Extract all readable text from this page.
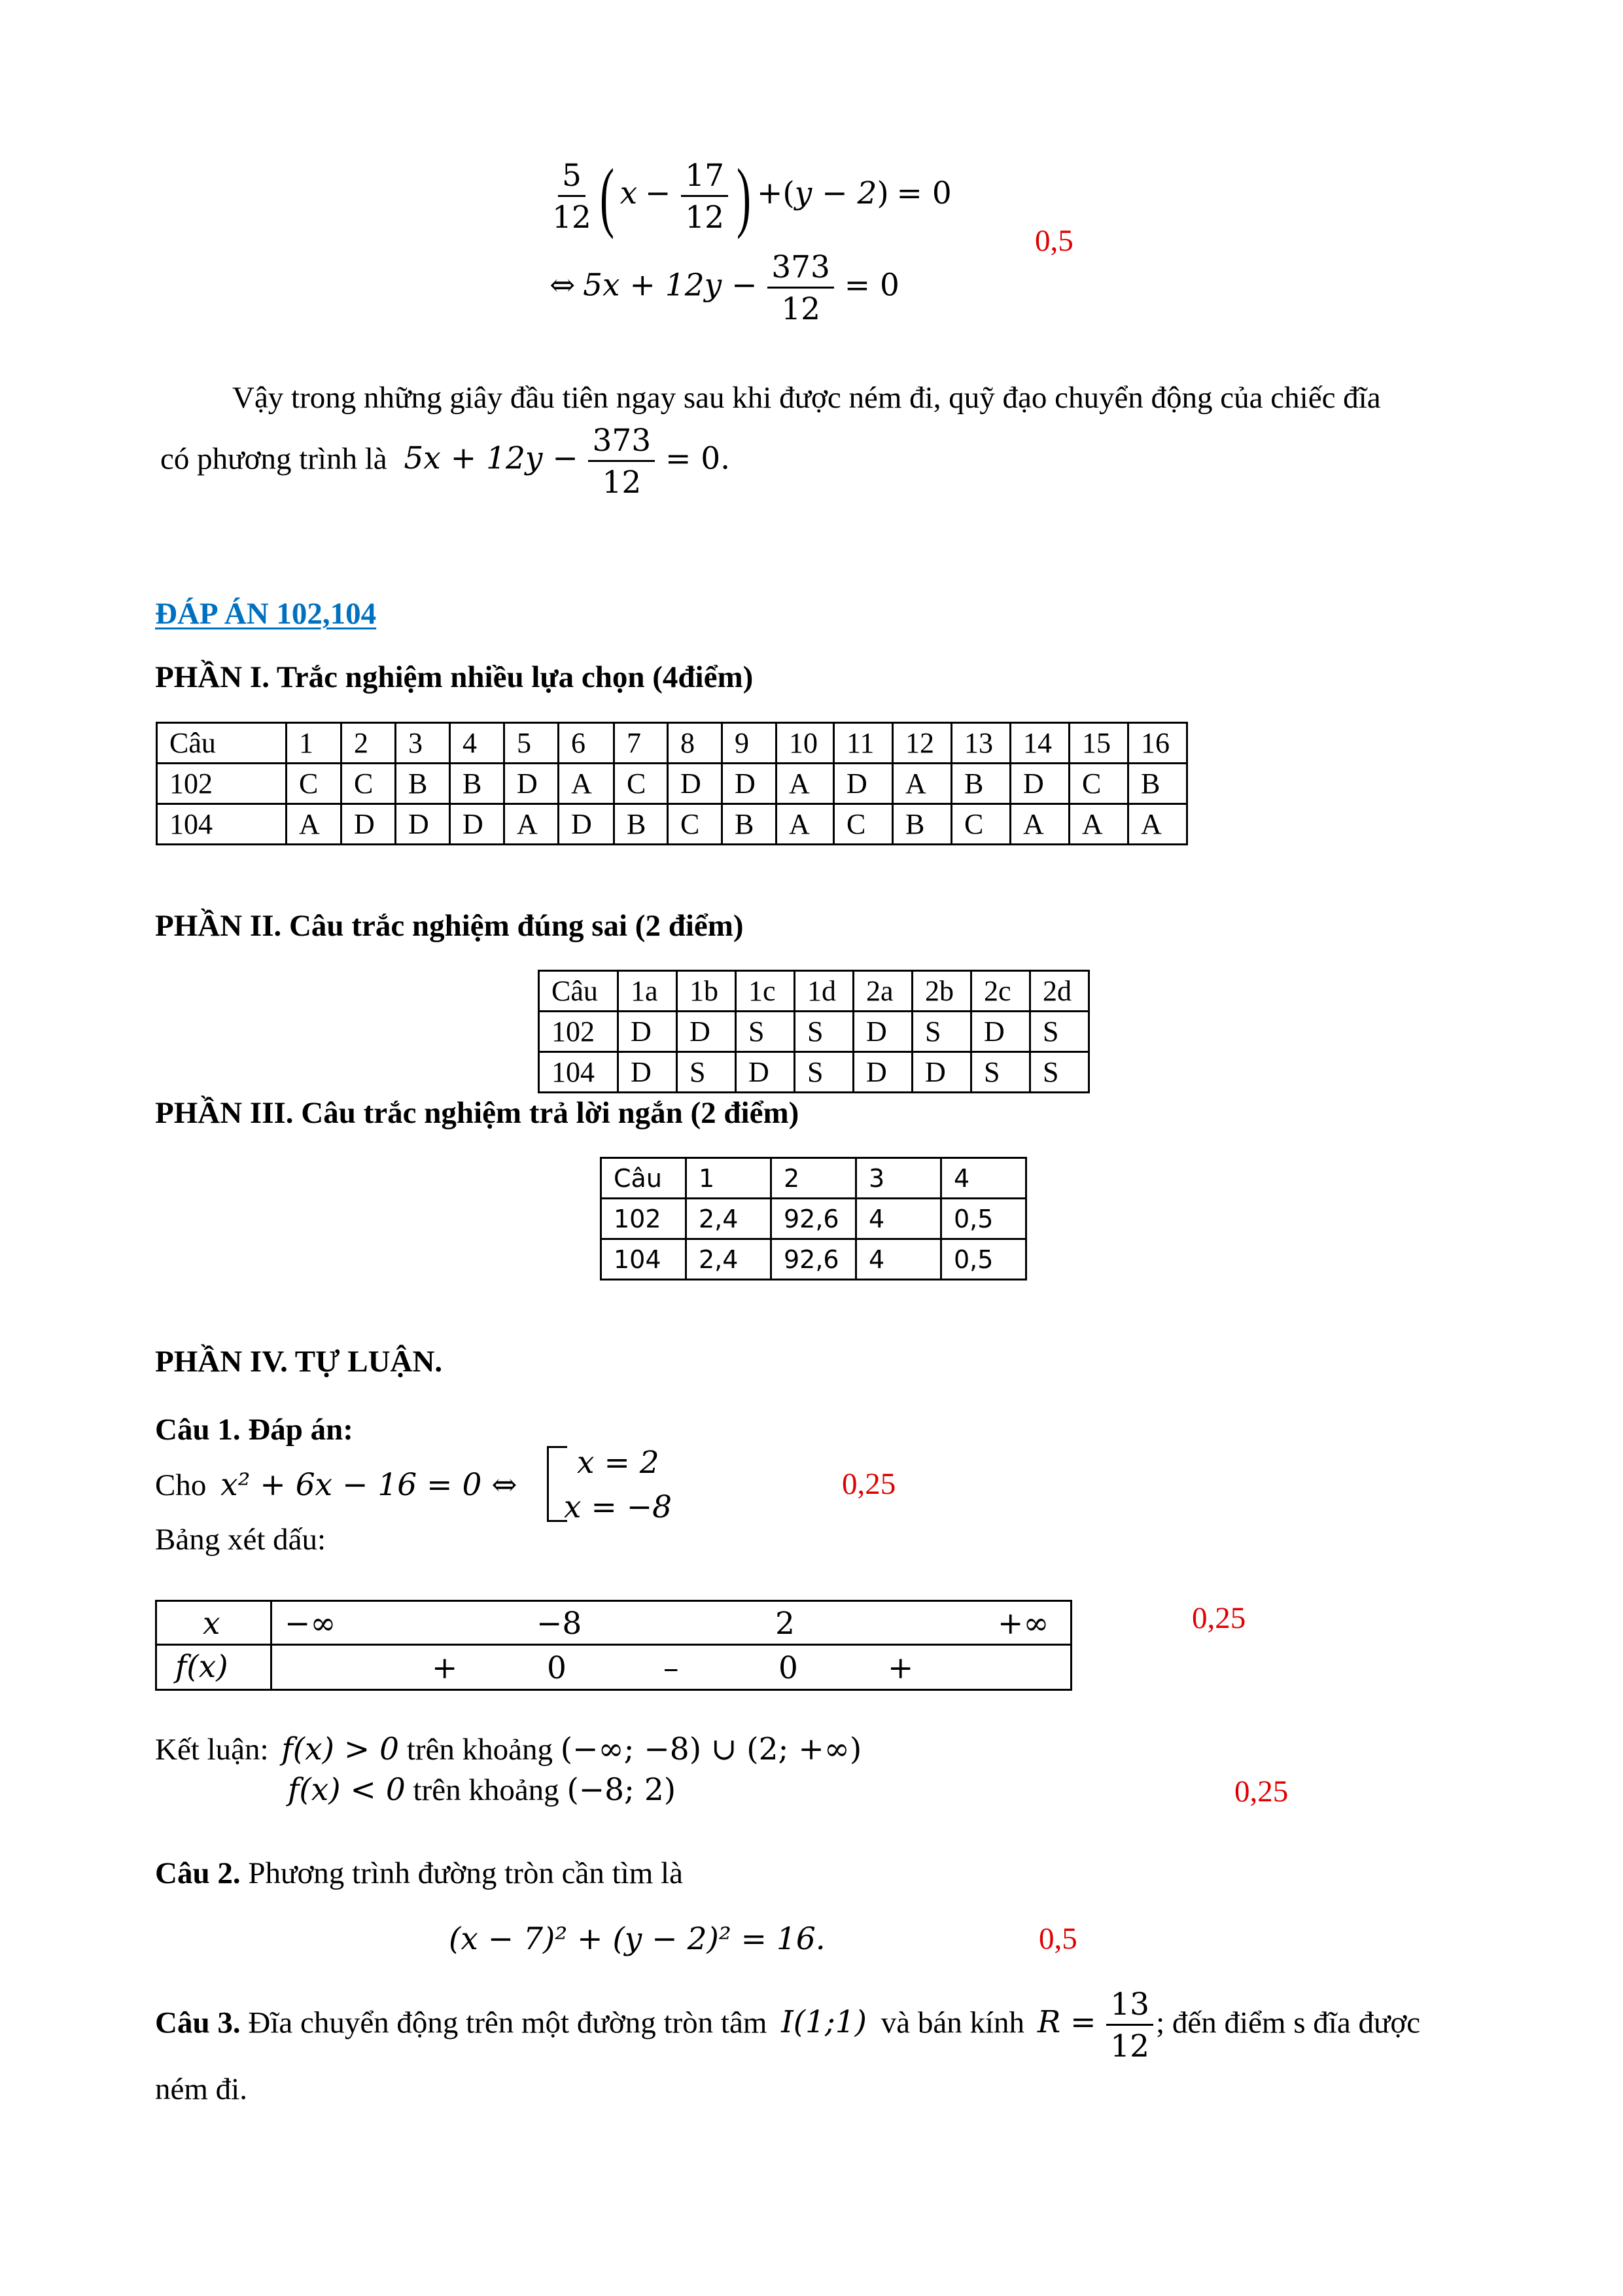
$\frac{5}{12}$ ( $x - \frac{17}{12}$ ) +(y − 2) = 0
⇔ $5x + 12y - \frac{373}{12} = 0$
0,5
Vậy trong những giây đầu tiên ngay sau khi được ném đi, quỹ đạo chuyển động của chiếc đĩa
có phương trình là $5x + 12y - \frac{373}{12} = 0$.
ĐÁP ÁN 102,104
PHẦN I. Trắc nghiệm nhiều lựa chọn (4điểm)
Câu	1	2	3	4	5	6	7	8	9	10	11	12	13	14	15	16
102	C	C	B	B	D	A	C	D	D	A	D	A	B	D	C	B
104	A	D	D	D	A	D	B	C	B	A	C	B	C	A	A	A
PHẦN II. Câu trắc nghiệm đúng sai (2 điểm)
Câu	1a	1b	1c	1d	2a	2b	2c	2d
102	D	D	S	S	D	S	D	S
104	D	S	D	S	D	D	S	S
PHẦN III. Câu trắc nghiệm trả lời ngắn (2 điểm)
Câu	1	2	3	4
102	2,4	92,6	4	0,5
104	2,4	92,6	4	0,5
PHẦN IV. TỰ LUẬN.
Câu 1. Đáp án:
Cho x² + 6x − 16 = 0 ⇔
x = 2
x = −8
0,25
Bảng xét dấu:
x −∞	−8	2	+∞
f(x)	+	0	–	0	+
0,25
Kết luận: f(x) > 0 trên khoảng (−∞; −8) ∪ (2; +∞)
f(x) < 0 trên khoảng (−8; 2)	0,25
Câu 2. Phương trình đường tròn cần tìm là
(x − 7)² + (y − 2)² = 16.	0,5
Câu 3. Đĩa chuyển động trên một đường tròn tâm I(1;1) và bán kính $R = \frac{13}{12}$ ; đến điểm s đĩa được
ném đi.
